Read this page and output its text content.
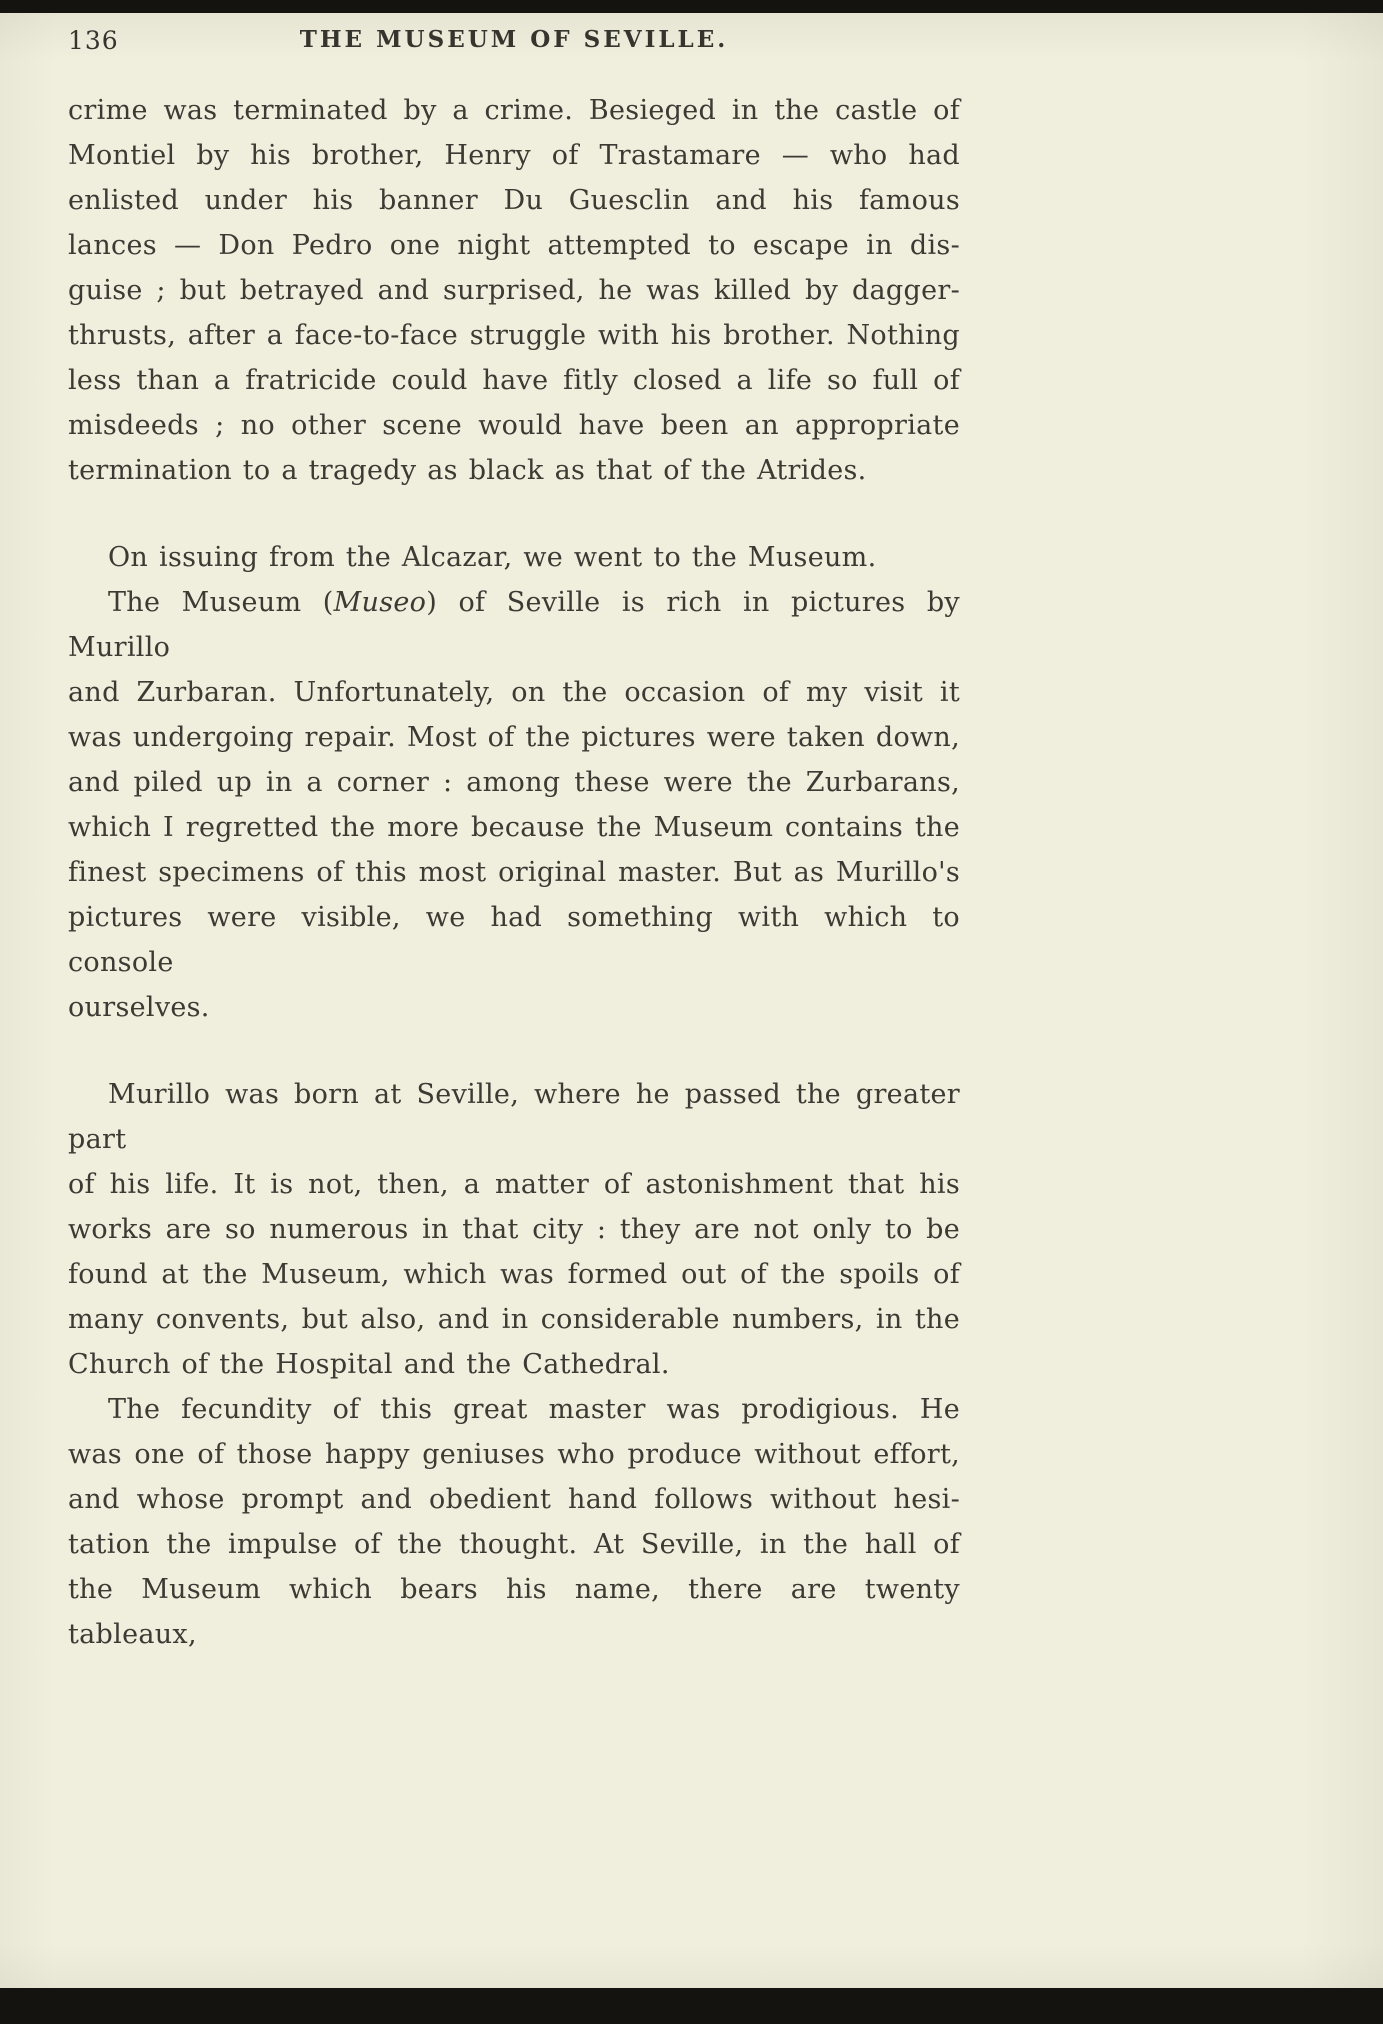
136	THE MUSEUM OF SEVILLE.
crime was terminated by a crime. Besieged in the castle of
Montiel by his brother, Henry of Trastamare — who had
enlisted under his banner Du Guesclin and his famous
lances — Don Pedro one night attempted to escape in dis-
guise ; but betrayed and surprised, he was killed by dagger-
thrusts, after a face-to-face struggle with his brother. Nothing
less than a fratricide could have fitly closed a life so full of
misdeeds ; no other scene would have been an appropriate
termination to a tragedy as black as that of the Atrides.
On issuing from the Alcazar, we went to the Museum.
The Museum (Museo) of Seville is rich in pictures by Murillo
and Zurbaran. Unfortunately, on the occasion of my visit it
was undergoing repair. Most of the pictures were taken down,
and piled up in a corner : among these were the Zurbarans,
which I regretted the more because the Museum contains the
finest specimens of this most original master. But as Murillo's
pictures were visible, we had something with which to console
ourselves.
Murillo was born at Seville, where he passed the greater part
of his life. It is not, then, a matter of astonishment that his
works are so numerous in that city : they are not only to be
found at the Museum, which was formed out of the spoils of
many convents, but also, and in considerable numbers, in the
Church of the Hospital and the Cathedral.
The fecundity of this great master was prodigious. He
was one of those happy geniuses who produce without effort,
and whose prompt and obedient hand follows without hesi-
tation the impulse of the thought. At Seville, in the hall of
the Museum which bears his name, there are twenty tableaux,
